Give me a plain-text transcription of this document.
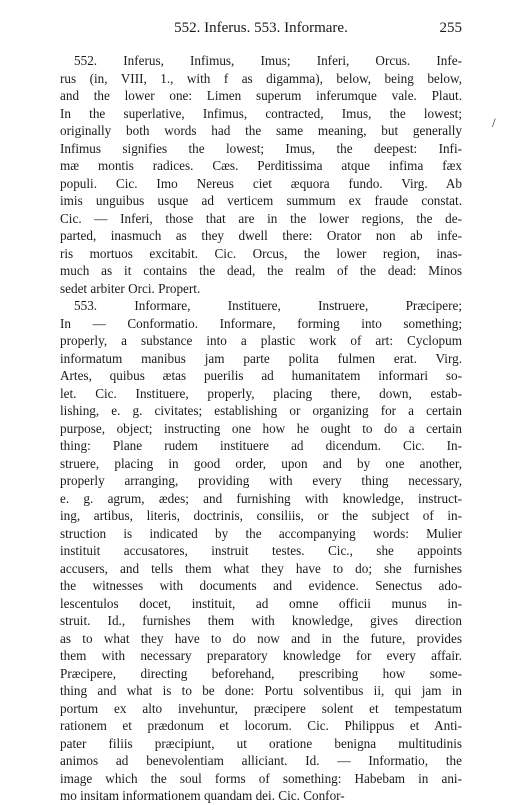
552. Inferus. 553. Informare.	255
/
552. Inferus, Infimus, Imus; Inferi, Orcus. Infe-
rus (in, VIII, 1., with f as digamma), below, being below,
and the lower one: Limen superum inferumque vale. Plaut.
In the superlative, Infimus, contracted, Imus, the lowest;
originally both words had the same meaning, but generally
Infimus signifies the lowest; Imus, the deepest: Infi-
mæ montis radices. Cæs. Perditissima atque infima fæx
populi. Cic. Imo Nereus ciet æquora fundo. Virg. Ab
imis unguibus usque ad verticem summum ex fraude constat.
Cic. — Inferi, those that are in the lower regions, the de-
parted, inasmuch as they dwell there: Orator non ab infe-
ris mortuos excitabit. Cic. Orcus, the lower region, inas-
much as it contains the dead, the realm of the dead: Minos
sedet arbiter Orci. Propert.
553. Informare, Instituere, Instruere, Præcipere;
In — Conformatio. Informare, forming into something;
properly, a substance into a plastic work of art: Cyclopum
informatum manibus jam parte polita fulmen erat. Virg.
Artes, quibus ætas puerilis ad humanitatem informari so-
let. Cic. Instituere, properly, placing there, down, estab-
lishing, e. g. civitates; establishing or organizing for a certain
purpose, object; instructing one how he ought to do a certain
thing: Plane rudem instituere ad dicendum. Cic. In-
struere, placing in good order, upon and by one another,
properly arranging, providing with every thing necessary,
e. g. agrum, ædes; and furnishing with knowledge, instruct-
ing, artibus, literis, doctrinis, consiliis, or the subject of in-
struction is indicated by the accompanying words: Mulier
instituit accusatores, instruit testes. Cic., she appoints
accusers, and tells them what they have to do; she furnishes
the witnesses with documents and evidence. Senectus ado-
lescentulos docet, instituit, ad omne officii munus in-
struit. Id., furnishes them with knowledge, gives direction
as to what they have to do now and in the future, provides
them with necessary preparatory knowledge for every affair.
Præcipere, directing beforehand, prescribing how some-
thing and what is to be done: Portu solventibus ii, qui jam in
portum ex alto invehuntur, præcipere solent et tempestatum
rationem et prædonum et locorum. Cic. Philippus et Anti-
pater filiis præcipiunt, ut oratione benigna multitudinis
animos ad benevolentiam alliciant. Id. — Informatio, the
image which the soul forms of something: Habebam in ani-
mo insitam informationem quandam dei. Cic. Confor-
